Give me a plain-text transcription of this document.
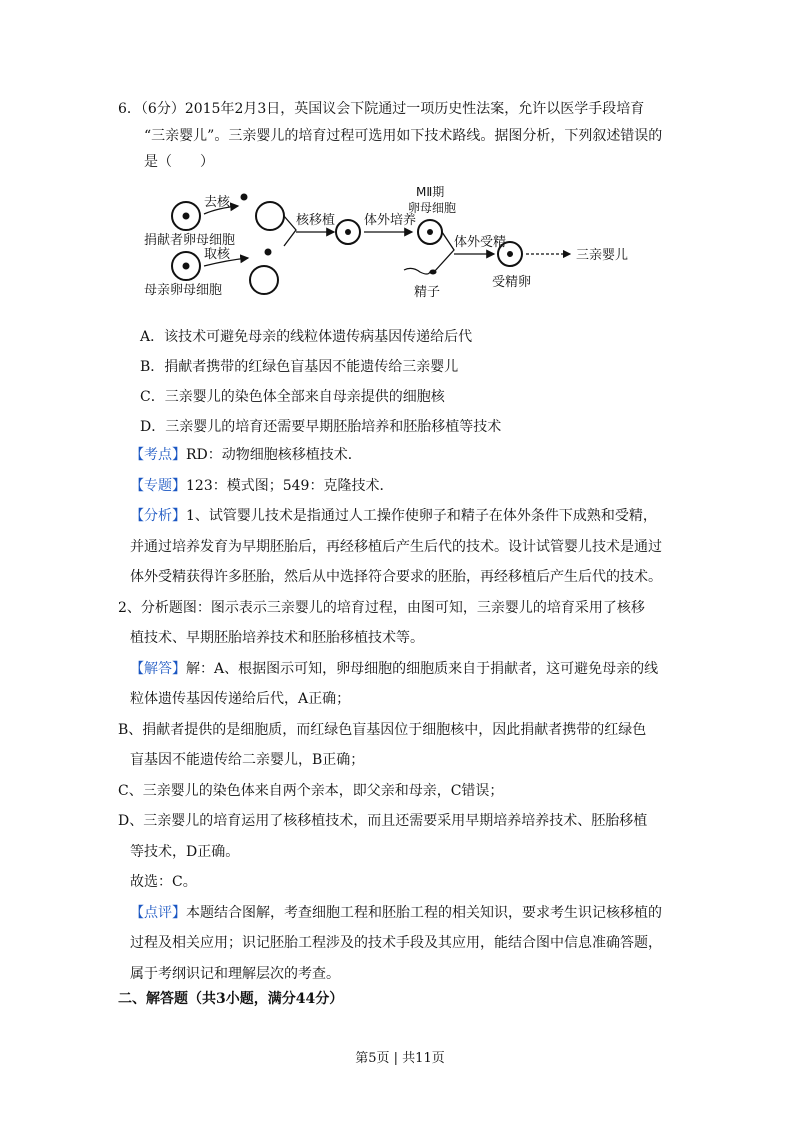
6．（6分）2015年2月3日，英国议会下院通过一项历史性法案，允许以医学手段培育

“三亲婴儿”。三亲婴儿的培育过程可选用如下技术路线。据图分析，下列叙述错误的

是（　　）

捐献者卵母细胞
去核
母亲卵母细胞
取核
核移植 体外培养
MⅡ期
卵母细胞
体外受精
精子
受精卵
三亲婴儿
A．该技术可避免母亲的线粒体遗传病基因传递给后代
B．捐献者携带的红绿色盲基因不能遗传给三亲婴儿
C．三亲婴儿的染色体全部来自母亲提供的细胞核
D．三亲婴儿的培育还需要早期胚胎培养和胚胎移植等技术

【考点】RD：动物细胞核移植技术．

【专题】123：模式图；549：克隆技术．

【分析】1、试管婴儿技术是指通过人工操作使卵子和精子在体外条件下成熟和受精，
并通过培养发育为早期胚胎后，再经移植后产生后代的技术。设计试管婴儿技术是通过
体外受精获得许多胚胎，然后从中选择符合要求的胚胎，再经移植后产生后代的技术。

2、分析题图：图示表示三亲婴儿的培育过程，由图可知，三亲婴儿的培育采用了核移

植技术、早期胚胎培养技术和胚胎移植技术等。

【解答】解：A、根据图示可知，卵母细胞的细胞质来自于捐献者，这可避免母亲的线
粒体遗传基因传递给后代，A正确；

B、捐献者提供的是细胞质，而红绿色盲基因位于细胞核中，因此捐献者携带的红绿色

盲基因不能遗传给二亲婴儿，B正确；

C、三亲婴儿的染色体来自两个亲本，即父亲和母亲，C错误；

D、三亲婴儿的培育运用了核移植技术，而且还需要采用早期培养培养技术、胚胎移植

等技术，D正确。

故选：C。

【点评】本题结合图解，考查细胞工程和胚胎工程的相关知识，要求考生识记核移植的
过程及相关应用；识记胚胎工程涉及的技术手段及其应用，能结合图中信息准确答题，
属于考纲识记和理解层次的考查。

二、解答题（共3小题，满分44分）
第5页 | 共11页
